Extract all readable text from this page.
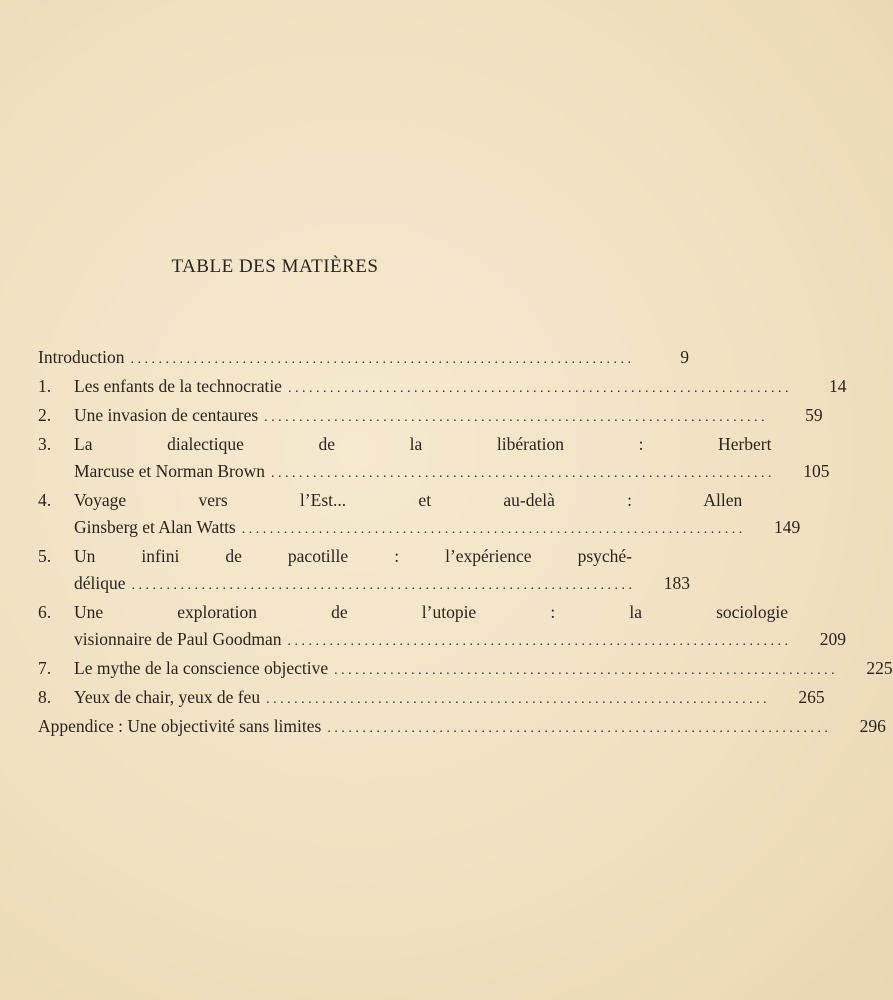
TABLE DES MATIÈRES
Introduction . . .	9
1.	Les enfants de la technocratie . . .	14
2.	Une invasion de centaures . . .	59
3.	La dialectique de la libération : Herbert
Marcuse et Norman Brown . . .	105
4.	Voyage vers l’Est... et au-delà : Allen
Ginsberg et Alan Watts . . .	149
5.	Un infini de pacotille : l’expérience psyché-
délique . . .	183
6.	Une exploration de l’utopie : la sociologie
visionnaire de Paul Goodman . . .	209
7.	Le mythe de la conscience objective . . .	225
8.	Yeux de chair, yeux de feu . . .	265
Appendice : Une objectivité sans limites . . .	296
